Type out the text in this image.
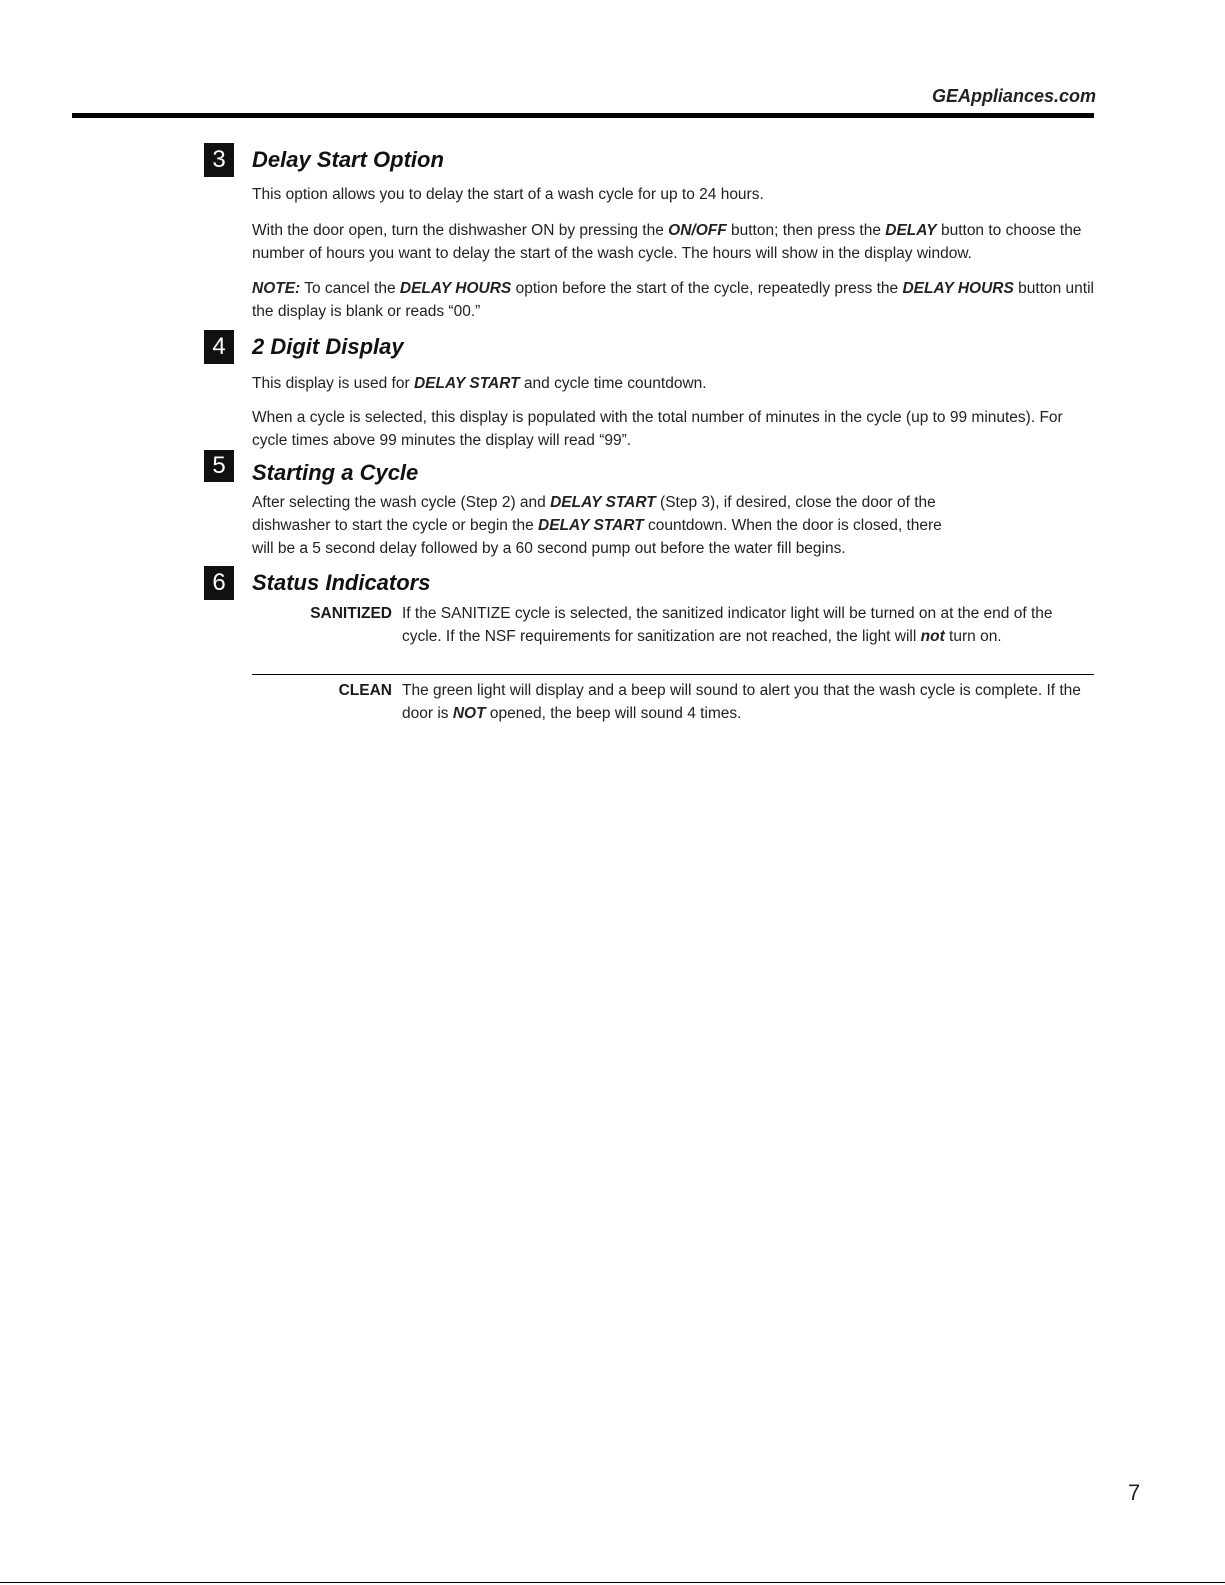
GEAppliances.com
3	Delay Start Option
This option allows you to delay the start of a wash cycle for up to 24 hours.
With the door open, turn the dishwasher ON by pressing the ON/OFF button; then press the DELAY button to choose the number of hours you want to delay the start of the wash cycle. The hours will show in the display window.
NOTE: To cancel the DELAY HOURS option before the start of the cycle, repeatedly press the DELAY HOURS button until the display is blank or reads “00.”
4	2 Digit Display
This display is used for DELAY START and cycle time countdown.
When a cycle is selected, this display is populated with the total number of minutes in the cycle (up to 99 minutes). For cycle times above 99 minutes the display will read “99”.
5	Starting a Cycle
After selecting the wash cycle (Step 2) and DELAY START (Step 3), if desired, close the door of the dishwasher to start the cycle or begin the DELAY START countdown. When the door is closed, there will be a 5 second delay followed by a 60 second pump out before the water fill begins.
6	Status Indicators
SANITIZED If the SANITIZE cycle is selected, the sanitized indicator light will be turned on at the end of the cycle. If the NSF requirements for sanitization are not reached, the light will not turn on.
CLEAN The green light will display and a beep will sound to alert you that the wash cycle is complete. If the door is NOT opened, the beep will sound 4 times.
7
